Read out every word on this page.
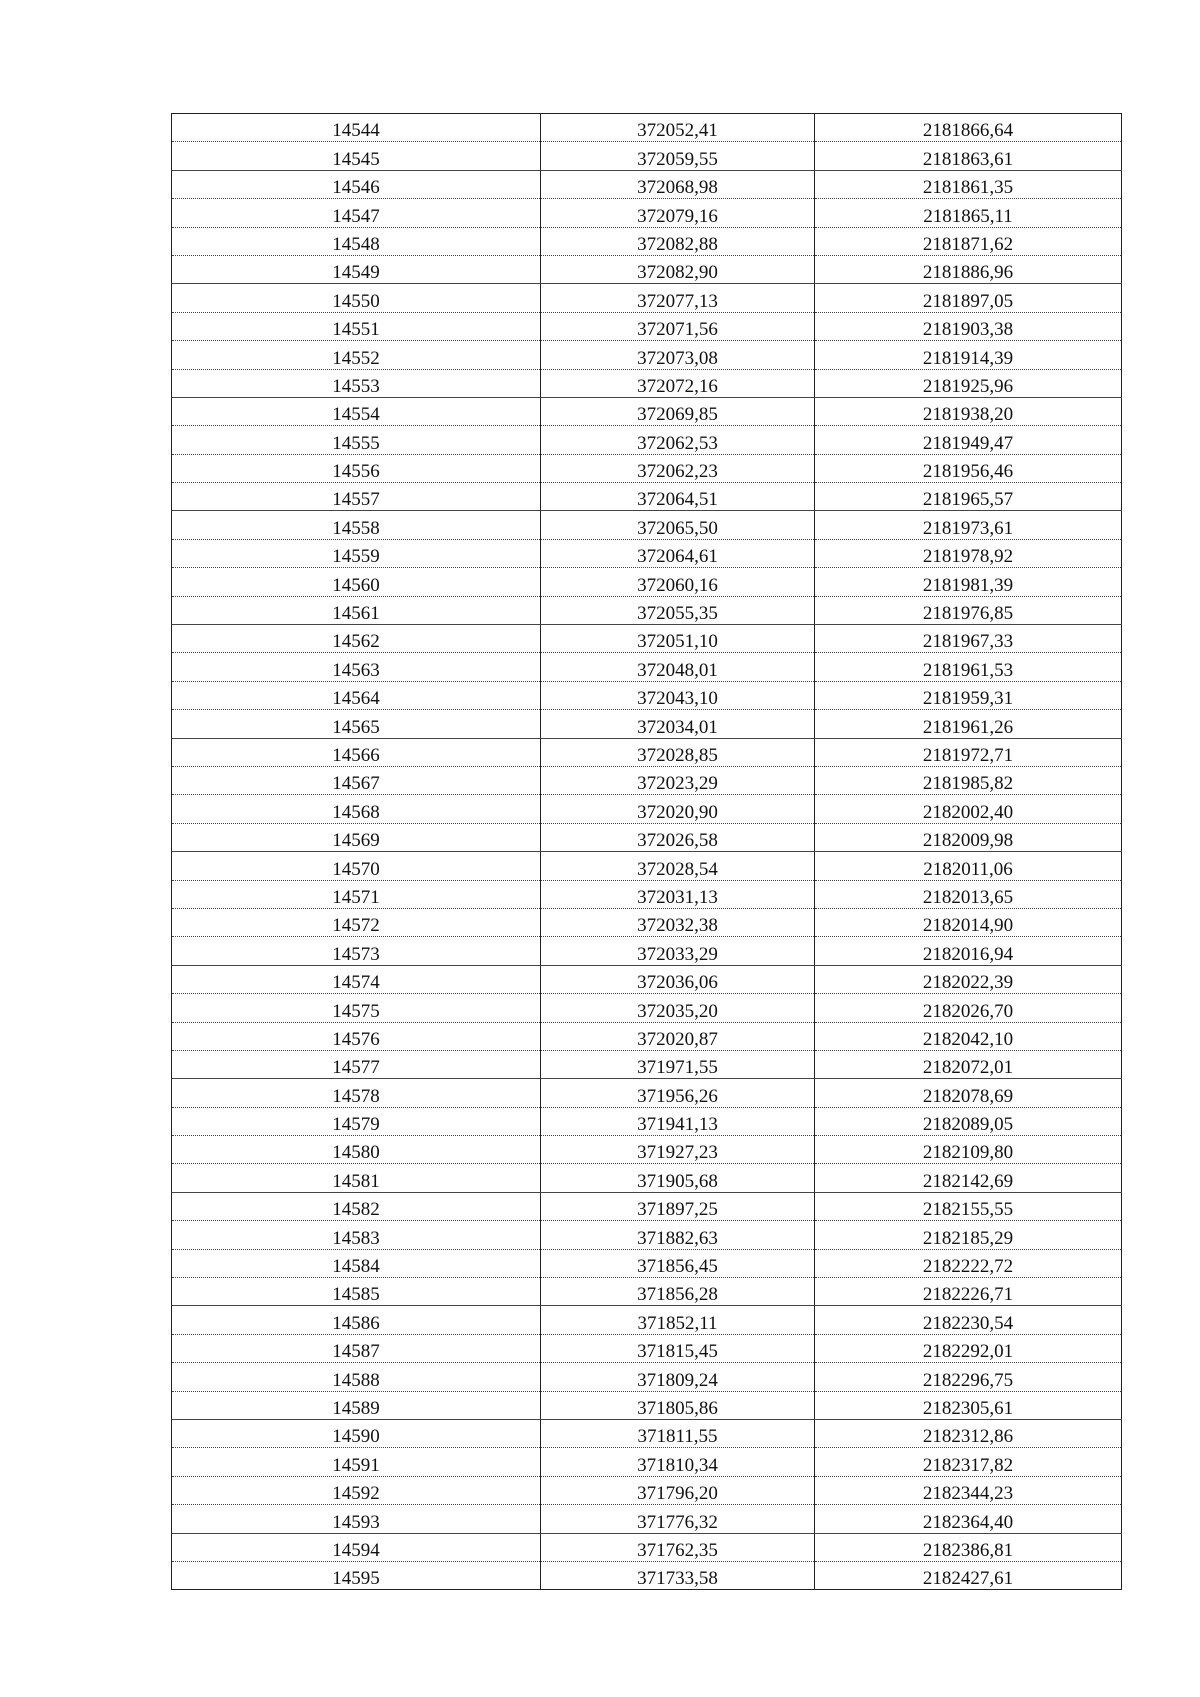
14544	372052,41	2181866,64
14545	372059,55	2181863,61
14546	372068,98	2181861,35
14547	372079,16	2181865,11
14548	372082,88	2181871,62
14549	372082,90	2181886,96
14550	372077,13	2181897,05
14551	372071,56	2181903,38
14552	372073,08	2181914,39
14553	372072,16	2181925,96
14554	372069,85	2181938,20
14555	372062,53	2181949,47
14556	372062,23	2181956,46
14557	372064,51	2181965,57
14558	372065,50	2181973,61
14559	372064,61	2181978,92
14560	372060,16	2181981,39
14561	372055,35	2181976,85
14562	372051,10	2181967,33
14563	372048,01	2181961,53
14564	372043,10	2181959,31
14565	372034,01	2181961,26
14566	372028,85	2181972,71
14567	372023,29	2181985,82
14568	372020,90	2182002,40
14569	372026,58	2182009,98
14570	372028,54	2182011,06
14571	372031,13	2182013,65
14572	372032,38	2182014,90
14573	372033,29	2182016,94
14574	372036,06	2182022,39
14575	372035,20	2182026,70
14576	372020,87	2182042,10
14577	371971,55	2182072,01
14578	371956,26	2182078,69
14579	371941,13	2182089,05
14580	371927,23	2182109,80
14581	371905,68	2182142,69
14582	371897,25	2182155,55
14583	371882,63	2182185,29
14584	371856,45	2182222,72
14585	371856,28	2182226,71
14586	371852,11	2182230,54
14587	371815,45	2182292,01
14588	371809,24	2182296,75
14589	371805,86	2182305,61
14590	371811,55	2182312,86
14591	371810,34	2182317,82
14592	371796,20	2182344,23
14593	371776,32	2182364,40
14594	371762,35	2182386,81
14595	371733,58	2182427,61
